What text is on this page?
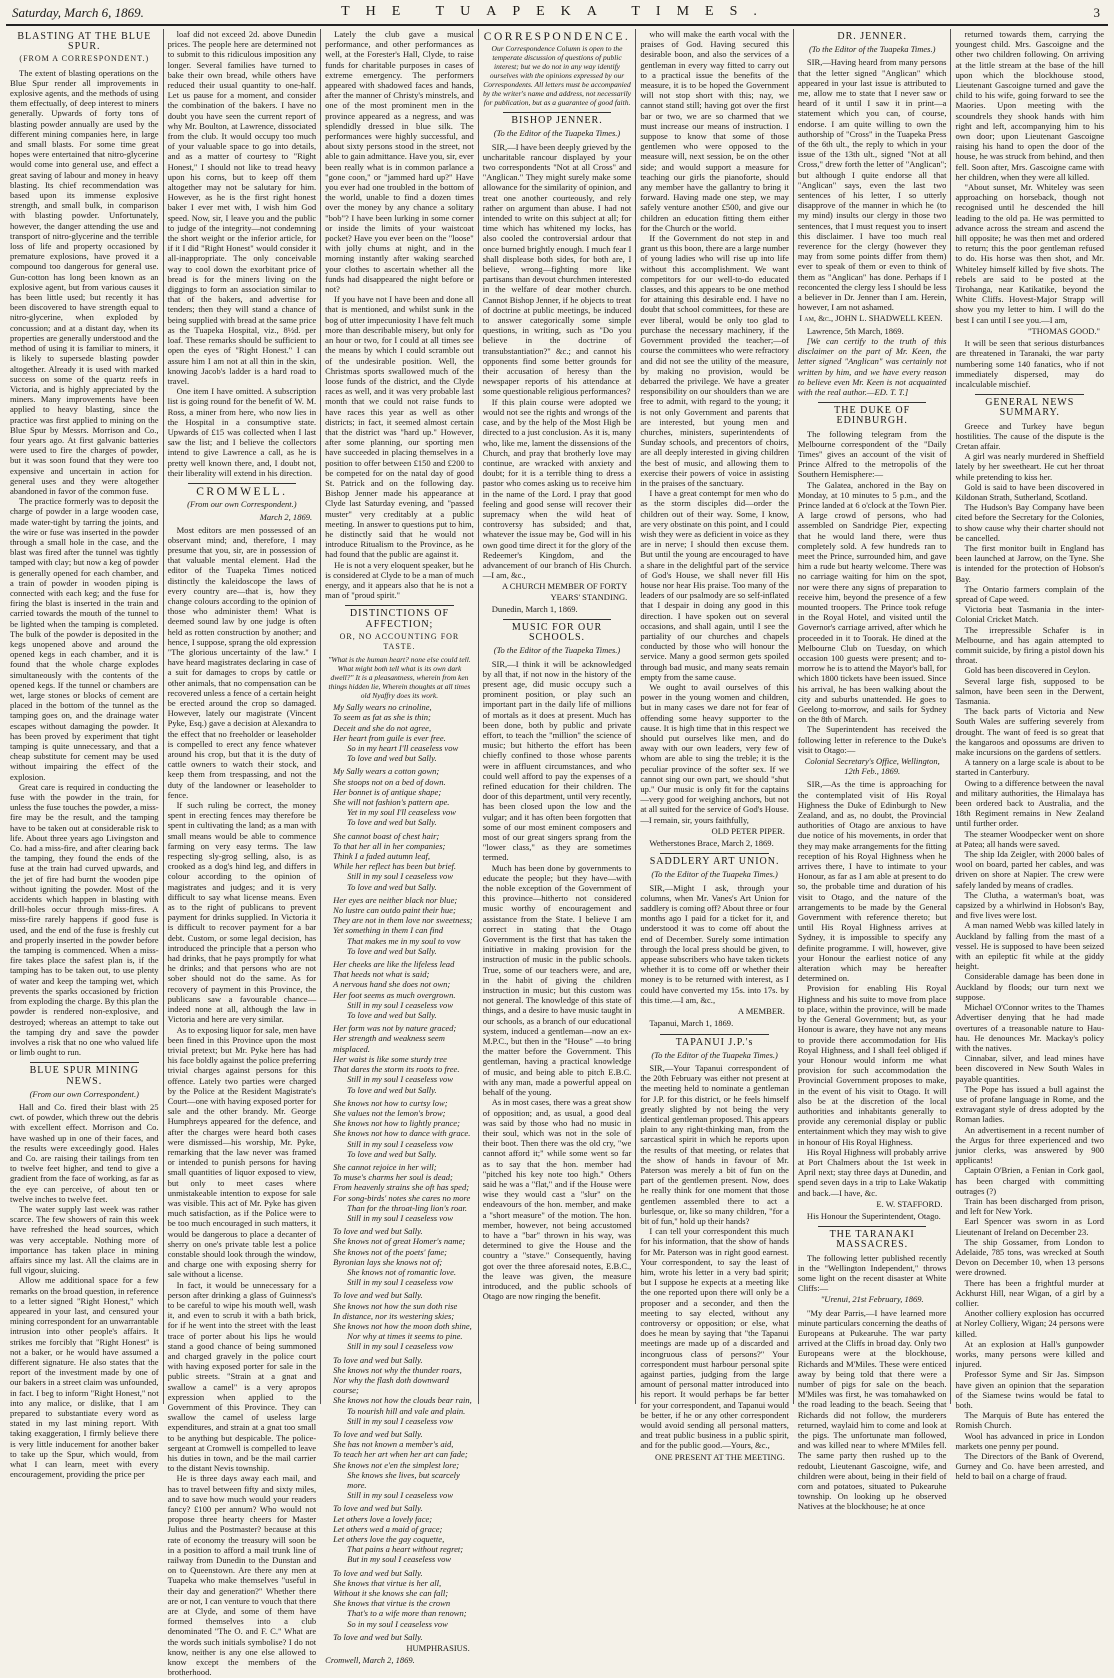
Saturday, March 6, 1869.	THE TUAPEKA TIMES.	3
BLASTING AT THE BLUE SPUR.
(FROM A CORRESPONDENT.)

The extent of blasting operations on the Blue Spur render all improvements in explosive agents, and the methods of using them effectually, of deep interest to miners generally. Upwards of forty tons of blasting powder annually are used by the different mining companies here, in large and small blasts. For some time great hopes were entertained that nitro-glycerine would come into general use, and effect a great saving of labour and money in heavy blasting. Its chief recommendation was based upon its immense explosive strength, and small bulk, in comparison with blasting powder. Unfortunately, however, the danger attending the use and transport of nitro-glycerine and the terrible loss of life and property occasioned by premature explosions, have proved it a compound too dangerous for general use. Gun-cotton has long been known as an explosive agent, but from various causes it has been little used; but recently it has been discovered to have strength equal to nitro-glycerine, when exploded by concussion; and at a distant day, when its properties are generally understood and the method of using it is familiar to miners, it is likely to supersede blasting powder altogether. Already it is used with marked success on some of the quartz reefs in Victoria, and is highly appreciated by the miners. Many improvements have been applied to heavy blasting, since the practice was first applied to mining on the Blue Spur by Messrs. Morrison and Co., four years ago. At first galvanic batteries were used to fire the charges of powder, but it was soon found that they were too expensive and uncertain in action for general uses and they were altogether abandoned in favor of the common fuse.

The practice formerly was to deposit the charge of powder in a large wooden case, made water-tight by tarring the joints, and the wire or fuse was inserted in the powder through a small hole in the case, and the blast was fired after the tunnel was tightly tamped with clay; but now a keg of powder is generally opened for each chamber, and a train of powder in wooden piping is connected with each keg; and the fuse for firing the blast is inserted in the train and carried towards the mouth of the tunnel to be lighted when the tamping is completed. The bulk of the powder is deposited in the kegs unopened above and around the opened kegs in each chamber, and it is found that the whole charge explodes simultaneously with the contents of the opened kegs. If the tunnel or chambers are wet, large stones or blocks of cement are placed in the bottom of the tunnel as the tamping goes on, and the drainage water escapes without damaging the powder. It has been proved by experiment that tight tamping is quite unnecessary, and that a cheap substitute for cement may be used without impairing the effect of the explosion.

Great care is required in conducting the fuse with the powder in the train, for unless the fuse touches the powder, a miss-fire may be the result, and the tamping have to be taken out at considerable risk to life. About three years ago Livingston and Co. had a miss-fire, and after clearing back the tamping, they found the ends of the fuse at the train had curved upwards, and the jet of fire had burnt the wooden pipe without igniting the powder. Most of the accidents which happen in blasting with drill-holes occur through miss-fires. A miss-fire rarely happens if good fuse is used, and the end of the fuse is freshly cut and properly inserted in the powder before the tamping is commenced. When a miss-fire takes place the safest plan is, if the tamping has to be taken out, to use plenty of water and keep the tamping wet, which prevents the sparks occasioned by friction from exploding the charge. By this plan the powder is rendered non-explosive, and destroyed; whereas an attempt to take out the tamping dry and save the powder involves a risk that no one who valued life or limb ought to run.

BLUE SPUR MINING NEWS.
(From our own Correspondent.)

Hall and Co. fired their blast with 25 cwt. of powder, which threw out the debris with excellent effect. Morrison and Co. have washed up in one of their faces, and the results were exceedingly good. Hales and Co. are raising their tailings from ten to twelve feet higher, and tend to give a gradient from the face of working, as far as the eye can perceive, of about ten or twelve inches to twelve feet.

The water supply last week was rather scarce. The few showers of rain this week have refreshed the head sources, which was very acceptable. Nothing more of importance has taken place in mining affairs since my last. All the claims are in full vigour, sluicing.

Allow me additional space for a few remarks on the broad question, in reference to a letter signed "Right Honest," which appeared in your last, and censured your mining correspondent for an unwarrantable intrusion into other people's affairs. It strikes me forcibly that "Right Honest" is not a baker, or he would have assumed a different signature. He also states that the report of the investment made by one of our bakers in a street claim was unfounded, in fact. I beg to inform "Right Honest," not into any malice, or dislike, that I am prepared to substantiate every word as stated in my last mining report. With taking exaggeration, I firmly believe there is very little inducement for another baker to take up the Spur, which would, from what I can learn, meet with every encouragement, providing the price per

loaf did not exceed 2d. above Dunedin prices. The people here are determined not to submit to this ridiculous imposition any longer. Several families have turned to bake their own bread, while others have reduced their usual quantity to one-half. Let us pause for a moment, and consider the combination of the bakers. I have no doubt you have seen the current report of why Mr. Boulton, at Lawrence, dissociated from the club. It would occupy too much of your valuable space to go into details, and as a matter of courtesy to "Right Honest," I should not like to tread heavy upon his corns, but to keep off them altogether may not be salutary for him. However, as he is the first right honest baker I ever met with, I wish him God speed. Now, sir, I leave you and the public to judge of the integrity—not condemning the short weight or the inferior article, for if it I did "Right Honest" would consider it all-inappropriate. The only conceivable way to cool down the exorbitant price of bread is for the miners living on the diggings to form an association similar to that of the bakers, and advertise for tenders; then they will stand a chance of being supplied with bread at the same price as the Tuapeka Hospital, viz., 8½d. per loaf. These remarks should be sufficient to open the eyes of "Right Honest." I can assure him I am not at all thin in the skin, knowing Jacob's ladder is a hard road to travel.

One item I have omitted. A subscription list is going round for the benefit of W. M. Ross, a miner from here, who now lies in the Hospital in a consumptive state. Upwards of £15 was collected when I last saw the list; and I believe the collectors intend to give Lawrence a call, as he is pretty well known there, and, I doubt not, their liberality will extend in his direction.

CROMWELL.
(From our own Correspondent.)
March 2, 1869.

Most editors are men possessed of an observant mind; and, therefore, I may presume that you, sir, are in possession of that valuable mental element. Had the editor of the Tuapeka Times noticed distinctly the kaleidoscope the laws of every country are—that is, how they change colours according to the opinion of those who administer them! What is deemed sound law by one judge is often held as rotten construction by another; and hence, I suppose, sprang the old expression "The glorious uncertainty of the law." I have heard magistrates declaring in case of a suit for damages to crops by cattle or other animals, that no compensation can be recovered unless a fence of a certain height be erected around the crop so damaged. However, lately our magistrate (Vincent Pyke, Esq.) gave a decision at Alexandra to the effect that no freeholder or leaseholder is compelled to erect any fence whatever around his crop, but that it is the duty of cattle owners to watch their stock, and keep them from trespassing, and not the duty of the landowner or leaseholder to fence.

If such ruling be correct, the money spent in erecting fences may therefore be spent in cultivating the land; as a man with small means would be able to commence farming on very easy terms. The law respecting sly-grog selling, also, is as crooked as a dog's hind leg, and differs in colour according to the opinion of magistrates and judges; and it is very difficult to say what license means. Even as to the right of publicans to prevent payment for drinks supplied. In Victoria it is difficult to recover payment for a bar debt. Custom, or some legal decision, has introduced the principle that a person who had drinks, that he pays promptly for what he drinks; and that persons who are not sober should not do the same. As for recovery of payment in this Province, the publicans saw a favourable chance—indeed none at all, although the law in Victoria and here are very similar.

As to exposing liquor for sale, men have been fined in this Province upon the most trivial pretext; but Mr. Pyke here has had his face boldly against the police preferring trivial charges against persons for this offence. Lately two parties were charged by the Police at the Resident Magistrate's Court—one with having exposed porter for sale and the other brandy. Mr. George Humphreys appeared for the defence, and after the charges were heard both cases were dismissed—his worship, Mr. Pyke, remarking that the law never was framed or intended to punish persons for having small quantities of liquor exposed to view, but only to meet cases where unmistakeable intention to expose for sale was visible. This act of Mr. Pyke has given much satisfaction, as if the Police were to be too much encouraged in such matters, it would be dangerous to place a decanter of sherry on one's private table lest a police constable should look through the window, and charge one with exposing sherry for sale without a license.

In fact, it would be unnecessary for a person after drinking a glass of Guinness's to be careful to wipe his mouth well, wash it, and even to scrub it with a bath brick, for if he went into the street with the least trace of porter about his lips he would stand a good chance of being summoned and charged gravely in the police court with having exposed porter for sale in the public streets. "Strain at a gnat and swallow a camel" is a very apropos expression when applied to the Government of this Province. They can swallow the camel of useless large expenditures, and strain at a gnat too small to be anything but despicable. The police-sergeant at Cromwell is compelled to leave his duties in town, and be the mail carrier to the distant Nevis township.

He is three days away each mail, and has to travel between fifty and sixty miles, and to save how much would your readers fancy? £100 per annum? Who would not propose three hearty cheers for Master Julius and the Postmaster? because at this rate of economy the treasury will soon be in a position to afford a mail trunk line of railway from Dunedin to the Dunstan and on to Queenstown. Are there any men at Tuapeka who make themselves "useful in their day and generation?" Whether there are or not, I can venture to vouch that there are at Clyde, and some of them have formed themselves into a club denominated "The O. and F. C." What are the words such initials symbolise? I do not know, neither is any one else allowed to know except the members of the brotherhood.

Lately the club gave a musical performance, and other performances as well, at the Forester's Hall, Clyde, to raise funds for charitable purposes in cases of extreme emergency. The performers appeared with shadowed faces and hands, after the manner of Christy's minstrels, and one of the most prominent men in the province appeared as a negress, and was splendidly dressed in blue silk. The performances were highly successful, and about sixty persons stood in the street, not able to gain admittance. Have you, sir, ever been really what is in common parlance a "gone coon," or "jammed hard up?" Have you ever had one troubled in the bottom of the world, unable to find a dozen times over the money by any chance a solitary "bob"? I have been lurking in some corner or inside the limits of your waistcoat pocket? Have you ever been on the "loose" with jolly chums at night, and in the morning instantly after waking searched your clothes to ascertain whether all the funds had disappeared the night before or not?

If you have not I have been and done all that is mentioned, and whilst sunk in the bog of utter impecuniosity I have felt much more than describable misery, but only for an hour or two, for I could at all times see the means by which I could scramble out of the undesirable position. Well, the Christmas sports swallowed much of the loose funds of the district, and the Clyde races as well, and it was very probable last month that we could not raise funds to have races this year as well as other districts; in fact, it seemed almost certain that the district was "hard up." However, after some planning, our sporting men have succeeded in placing themselves in a position to offer between £150 and £200 to be competed for on the natal day of good St. Patrick and on the following day. Bishop Jenner made his appearance at Clyde last Saturday evening, and "passed muster" very creditably at a public meeting. In answer to questions put to him, he distinctly said that he would not introduce Ritualism to the Province, as he had found that the public are against it.

He is not a very eloquent speaker, but he is considered at Clyde to be a man of much energy, and it appears also that he is not a man of "proud spirit."

DISTINCTIONS OF AFFECTION;
OR, NO ACCOUNTING FOR TASTE.
"What is the human heart? none else could tell. What might both tell what is its own dark dwell?" It is a pleasantness, wherein from ken things hidden lie, Wherein thoughts at all times old Nyaffry does its work.
My Sally wears no crinoline,
To seem as fat as she is thin;
Deceit and she do not agree,
Her heart from guile is ever free.
So in my heart I'll ceaseless vow
To love and wed but Sally.
My Sally wears a cotton gown;
She stoops not on a bed of down.
Her bonnet is of antique shape;
She will not fashion's pattern ape.
Yet in my soul I'll ceaseless vow
To love and wed but Sally.
She cannot boast of chest hair;
To that her all in her companies;
Think I a faded autumn leaf,
While her reflect has been but brief.
Still in my soul I ceaseless vow
To love and wed but Sally.
Her eyes are neither black nor blue;
No lustre can outdo paint their hue;
They are not in them love nor sweetness;
Yet something in them I can find
That makes me in my soul to vow
To love and wed but Sally.
Her cheeks are like the lifeless lead
That heeds not what is said;
A nervous hand she does not own;
Her foot seems as much overgrown.
Still in my soul I ceaseless vow
To love and wed but Sally.
Her form was not by nature graced;
Her strength and weakness seem misplaced.
Her waist is like some sturdy tree
That dares the storm its roots to free.
Still in my soul I ceaseless vow
To love and wed but Sally.
She knows not how to curtsy low;
She values not the lemon's brow;
She knows not how to lightly prance;
She knows not how to dance with grace.
Still in my soul I ceaseless vow
To love and wed but Sally.
She cannot rejoice in her will;
To muse's charms her soul is dead;
From heavenly strains she oft has sped;
For song-birds' notes she cares no more
Than for the throat-ling lion's roar.
Still in my soul I ceaseless vow
To love and wed but Sally.
She knows not of great Homer's name;
She knows not of the poets' fame;
Byronian lays she knows not of;
She knows not of romantic love.
Still in my soul I ceaseless vow
To love and wed but Sally.
She knows not how the sun doth rise
In distance, nor its westering skies;
She knows not how the moon doth shine,
Nor why at times it seems to pine.
Still in my soul I ceaseless vow
To love and wed but Sally.
She knows not why the thunder roars,
Nor why the flash doth downward course;
She knows not how the clouds bear rain,
To nourish hill and vale and plain.
Still in my soul I ceaseless vow
To love and wed but Sally.
She has not known a member's aid,
To teach her art when her art can fade;
She knows not e'en the simplest lore;
She knows she lives, but scarcely more.
Still in my soul I ceaseless vow
To love and wed but Sally.
Let others love a lovely face;
Let others wed a maid of grace;
Let others love the gay coquette,
That pains a heart without regret;
But in my soul I ceaseless vow
To love and wed but Sally.
She knows that virtue is her all,
Without it she knows she can fall;
She knows that virtue is the crown
That's to a wife more than renown;
So in my soul I ceaseless vow
To love and wed but Sally.
HUMPHRASIUS.
Cromwell, March 2, 1869.
CORRESPONDENCE.
Our Correspondence Column is open to the temperate discussion of questions of public interest; but we do not in any way identify ourselves with the opinions expressed by our Correspondents. All letters must be accompanied by the writer's name and address, not necessarily for publication, but as a guarantee of good faith.
BISHOP JENNER.
(To the Editor of the Tuapeka Times.)

SIR,—I have been deeply grieved by the uncharitable rancour displayed by your two correspondents "Not at all Cross" and "Anglican." They might surely make some allowance for the similarity of opinion, and treat one another courteously, and rely rather on argument than abuse. I had not intended to write on this subject at all; for time which has whitened my locks, has also cooled the controversial ardour that once burned brightly enough. I much fear I shall displease both sides, for both are, I believe, wrong—fighting more like partisans than devout churchmen interested in the welfare of dear mother church. Cannot Bishop Jenner, if he objects to treat of doctrine at public meetings, be induced to answer categorically some simple questions, in writing, such as "Do you believe in the doctrine of transubstantiation?" &c.; and cannot his opponents find some better grounds for their accusation of heresy than the newspaper reports of his attendance at some questionable religious performances?

If this plain course were adopted we would not see the rights and wrongs of the case, and by the help of the Most High be directed to a just conclusion. As it is, many who, like me, lament the dissensions of the Church, and pray that brotherly love may continue, are wracked with anxiety and doubt; for it is a terrible thing to dress a pastor who comes asking us to receive him in the name of the Lord. I pray that good feeling and good sense will recover their supremacy when the wild heat of controversy has subsided; and that, whatever the issue may be, God will in his own good time direct it for the glory of the Redeemer's Kingdom, and the advancement of our branch of His Church.—I am, &c.,

A CHURCH MEMBER OF FORTY YEARS' STANDING.

Dunedin, March 1, 1869.

MUSIC FOR OUR SCHOOLS.
(To the Editor of the Tuapeka Times.)

SIR,—I think it will be acknowledged by all that, if not now in the history of the present age, did music occupy such a prominent position, or play such an important part in the daily life of millions of mortals as it does at present. Much has been done, both by public and private effort, to teach the "million" the science of music; but hitherto the effort has been chiefly confined to those whose parents were in affluent circumstances, and who could well afford to pay the expenses of a refined education for their children. The door of this department, until very recently, has been closed upon the low and the vulgar; and it has often been forgotten that some of our most eminent composers and most of our great singers sprang from the "lower class," as they are sometimes termed.

Much has been done by governments to educate the people; but they have—with the noble exception of the Government of this province—hitherto not considered music worthy of encouragement and assistance from the State. I believe I am correct in stating that the Otago Government is the first that has taken the initiative in making provision for the instruction of music in the public schools. True, some of our teachers were, and are, in the habit of giving the children instruction in music; but this custom was not general. The knowledge of this state of things, and a desire to have music taught in our schools, as a branch of our educational system, induced a gentleman—now an ex-M.P.C., but then in the "House" —to bring the matter before the Government. This gentleman, having a practical knowledge of music, and being able to pitch E.B.C. with any man, made a powerful appeal on behalf of the young.

As in most cases, there was a great show of opposition; and, as usual, a good deal was said by those who had no music in their soul, which was not in the sole of their boot. Then there was the old cry, "we cannot afford it;" while some went so far as to say that the hon. member had "pitched his key note too high." Others said he was a "flat," and if the House were wise they would cast a "slur" on the endeavours of the hon. member, and make a "short measure" of the motion. The hon. member, however, not being accustomed to have a "bar" thrown in his way, was determined to give the House and the country a "stave." Consequently, having got over the three aforesaid notes, E.B.C., the leave was given, the measure introduced, and the public schools of Otago are now ringing the benefit.

who will make the earth vocal with the praises of God. Having secured this desirable boon, and also the services of a gentleman in every way fitted to carry out to a practical issue the benefits of the measure, it is to be hoped the Government will not stop short with this; nay, we cannot stand still; having got over the first bar or two, we are so charmed that we must increase our means of instruction. I suppose to know that some of those gentlemen who were opposed to the measure will, next session, be on the other side; and would support a measure for teaching our girls the pianoforte, should any member have the gallantry to bring it forward. Having made one step, we may safely venture another £500, and give our children an education fitting them either for the Church or the world.

If the Government do not step in and grant us this boon, there are a large number of young ladies who will rise up into life without this accomplishment. We want competitors for our well-to-do educated classes, and this appears to be one method for attaining this desirable end. I have no doubt that school committees, for these are ever liberal, would be only too glad to purchase the necessary machinery, if the Government provided the teacher;—of course the committees who were refractory and did not see the utility of the measure, by making no provision, would be debarred the privilege. We have a greater responsibility on our shoulders than we are free to admit, with regard to the young; it is not only Government and parents that are interested, but young men and churches, ministers, superintendents of Sunday schools, and precentors of choirs, are all deeply interested in giving children the best of music, and allowing them to exercise their powers of voice in assisting in the praises of the sanctuary.

I have a great contempt for men who do as the storm disciples did—order the children out of their way. Some, I know, are very obstinate on this point, and I could wish they were as deficient in voice as they are in nerve; I should then excuse them. But until the young are encouraged to have a share in the delightful part of the service of God's House, we shall never fill His house nor hear His praise. Too many of the leaders of our psalmody are so self-inflated that I despair in doing any good in this direction. I have spoken out on several occasions, and shall again, until I see the partiality of our churches and chapels conducted by those who will honour the service. Many a good sermon gets spoiled through bad music, and many seats remain empty from the same cause.

We ought to avail ourselves of this power in the young women and children, but in many cases we dare not for fear of offending some heavy supporter to the cause. It is high time that in this respect we should put ourselves like men, and do away with our own leaders, very few of whom are able to sing the treble; it is the peculiar province of the softer sex. If we cannot sing our own part, we should "shut up." Our music is only fit for the captains—very good for weighing anchors, but not at all suited for the service of God's House.—I remain, sir, yours faithfully,

OLD PETER PIPER.

Wetherstones Brace, March 2, 1869.

SADDLERY ART UNION.
(To the Editor of the Tuapeka Times.)

SIR,—Might I ask, through your columns, when Mr. Vanes's Art Union for saddlery is coming off? About three or four months ago I paid for a ticket for it, and understood it was to come off about the end of December. Surely some intimation through the local press should be given, to appease subscribers who have taken tickets whether it is to come off or whether their money is to be returned with interest, as I could have converted my 15s. into 17s. by this time.—I am, &c.,

A MEMBER.

Tapanui, March 1, 1869.

TAPANUI J.P.'s
(To the Editor of the Tuapeka Times.)

SIR,—Your Tapanui correspondent of the 20th February was either not present at the meeting held to nominate a gentleman for J.P. for this district, or he feels himself greatly slighted by not being the very identical gentleman proposed. This appears plain to any right-thinking man, from the sarcastical spirit in which he reports upon the results of that meeting, or relates that the show of hands in favour of Mr. Paterson was merely a bit of fun on the part of the gentlemen present. Now, does he really think for one moment that those gentlemen assembled there to act a burlesque, or, like so many children, "for a bit of fun," hold up their hands?

I can tell your correspondent this much for his information, that the show of hands for Mr. Paterson was in right good earnest. Your correspondent, to say the least of him, wrote his letter in a very bad spirit; but I suppose he expects at a meeting like the one reported upon there will only be a proposer and a seconder, and then the meeting to say elected, without any controversy or opposition; or else, what does he mean by saying that "the Tapanui meetings are made up of a discarded and incongruous class of persons?" Your correspondent must harbour personal spite against parties, judging from the large amount of personal matter introduced into his report. It would perhaps be far better for your correspondent, and Tapanui would be better, if he or any other correspondent would avoid sending all personal matters, and treat public business in a public spirit, and for the public good.—Yours, &c.,

ONE PRESENT AT THE MEETING.
DR. JENNER.
(To the Editor of the Tuapeka Times.)

SIR,—Having heard from many persons that the letter signed "Anglican" which appeared in your last issue is attributed to me, allow me to state that I never saw or heard of it until I saw it in print—a statement which you can, of course, endorse. I am quite willing to own the authorship of "Cross" in the Tuapeka Press of the 6th ult., the reply to which in your issue of the 13th ult., signed "Not at all Cross," drew forth the letter of "Anglican"; but although I quite endorse all that "Anglican" says, even the last two sentences of his letter, I so utterly disapprove of the manner in which he (to my mind) insults our clergy in those two sentences, that I must request you to insert this disclaimer. I have too much real reverence for the clergy (however they may from some points differ from them) ever to speak of them or even to think of them as "Anglican" has done. Perhaps if I reconcented the clergy less I should be less a believer in Dr. Jenner than I am. Herein, however, I am not ashamed.

I am, &c., JOHN L. SHADWELL KEEN.

Lawrence, 5th March, 1869.

[We can certify to the truth of this disclaimer on the part of Mr. Keen, the letter signed "Anglican" was certainly not written by him, and we have every reason to believe even Mr. Keen is not acquainted with the real author.—ED. T. T.]

THE DUKE OF EDINBURGH.

The following telegram from the Melbourne correspondent of the "Daily Times" gives an account of the visit of Prince Alfred to the metropolis of the Southern Hemisphere:—

The Galatea, anchored in the Bay on Monday, at 10 minutes to 5 p.m., and the Prince landed at 6 o'clock at the Town Pier. A large crowd of persons, who had assembled on Sandridge Pier, expecting that he would land there, were thus completely sold. A few hundreds ran to meet the Prince, surrounded him, and gave him a rude but hearty welcome. There was no carriage waiting for him on the spot, nor were there any signs of preparation to receive him, beyond the presence of a few mounted troopers. The Prince took refuge in the Royal Hotel, and visited until the Governor's carriage arrived, after which he proceeded in it to Toorak. He dined at the Melbourne Club on Tuesday, on which occasion 100 guests were present; and to-morrow he is to attend the Mayor's ball, for which 1800 tickets have been issued. Since his arrival, he has been walking about the city and suburbs unattended. He goes to Geelong to-morrow, and sails for Sydney on the 8th of March.

The Superintendent has received the following letter in reference to the Duke's visit to Otago:—

Colonial Secretary's Office, Wellington, 12th Feb., 1869.

SIR,—As the time is approaching for the contemplated visit of His Royal Highness the Duke of Edinburgh to New Zealand, and as, no doubt, the Provincial authorities of Otago are anxious to have due notice of his movements, in order that they may make arrangements for the fitting reception of his Royal Highness when he arrives there, I have to intimate to your Honour, as far as I am able at present to do so, the probable time and duration of his visit to Otago, and the nature of the arrangements to be made by the General Government with reference thereto; but until His Royal Highness arrives at Sydney, it is impossible to specify any definite programme. I will, however, give your Honour the earliest notice of any alteration which may be hereafter determined on.

Provision for enabling His Royal Highness and his suite to move from place to place, within the province, will be made by the General Government; but, as your Honour is aware, they have not any means to provide there accommodation for His Royal Highness, and I shall feel obliged if your Honour would inform me what provision for such accommodation the Provincial Government proposes to make, in the event of his visit to Otago. It will also be at the discretion of the local authorities and inhabitants generally to provide any ceremonial display or public entertainment which they may wish to give in honour of His Royal Highness.

His Royal Highness will probably arrive at Port Chalmers about the 1st week in April next; stay three days at Dunedin, and spend seven days in a trip to Lake Wakatip and back.—I have, &c.

E. W. STAFFORD.

His Honour the Superintendent, Otago.

THE TARANAKI MASSACRES.

The following letter published recently in the "Wellington Independent," throws some light on the recent disaster at White Cliffs:—

"Urenui, 21st February, 1869.

"My dear Parris,—I have learned more minute particulars concerning the deaths of Europeans at Pukearuhe. The war party arrived at the Cliffs in broad day. Only two Europeans were at the blockhouse, Richards and M'Miles. These were enticed away by being told that there were a number of pigs for sale on the beach. M'Miles was first, he was tomahawked on the road leading to the beach. Seeing that Richards did not follow, the murderers returned, waylaid him to come and look at the pigs. The unfortunate man followed, and was killed near to where M'Miles fell. The same party then rushed up to the redoubt, Lieutenant Gascoigne, wife, and children were about, being in their field of corn and potatoes, situated to Pukearuhe township. On looking up he observed Natives at the blockhouse; he at once

returned towards them, carrying the youngest child. Mrs. Gascoigne and the other two children following. On arriving at the little stream at the base of the hill upon which the blockhouse stood, Lieutenant Gascoigne turned and gave the child to his wife, going forward to see the Maories. Upon meeting with the scoundrels they shook hands with him right and left, accompanying him to his own door; upon Lieutenant Gascoigne raising his hand to open the door of the house, he was struck from behind, and then fell. Soon after, Mrs. Gascoigne came with her children, when they were all killed.

"About sunset, Mr. Whiteley was seen approaching on horseback, though not recognised until he descended the hill leading to the old pa. He was permitted to advance across the stream and ascend the hill opposite; he was then met and ordered to return; this the poor gentleman refused to do. His horse was then shot, and Mr. Whiteley himself killed by five shots. The rebels are said to be posted at the Tirohanga, near Katikatike, beyond the White Cliffs. Hovest-Major Strapp will show you my letter to him. I will do the best I can until I see you.—I am,

"THOMAS GOOD."

It will be seen that serious disturbances are threatened in Taranaki, the war party numbering some 140 fanatics, who if not immediately dispersed, may do incalculable mischief.

GENERAL NEWS SUMMARY.

Greece and Turkey have begun hostilities. The cause of the dispute is the Cretan affair.

A girl was nearly murdered in Sheffield lately by her sweetheart. He cut her throat while pretending to kiss her.

Gold is said to have been discovered in Kildonan Strath, Sutherland, Scotland.

The Hudson's Bay Company have been cited before the Secretary for the Colonies, to show cause why their charter should not be cancelled.

The first monitor built in England has been launched at Jarrow, on the Tyne. She is intended for the protection of Hobson's Bay.

The Ontario farmers complain of the spread of Cape weed.

Victoria beat Tasmania in the inter-Colonial Cricket Match.

The irrepressible Schafer is in Melbourne, and has again attempted to commit suicide, by firing a pistol down his throat.

Gold has been discovered in Ceylon.

Several large fish, supposed to be salmon, have been seen in the Derwent, Tasmania.

The back parts of Victoria and New South Wales are suffering severely from drought. The want of feed is so great that the kangaroos and opossums are driven to make incursions on the gardens of settlers.

A tannery on a large scale is about to be started in Canterbury.

Owing to a difference between the naval and military authorities, the Himalaya has been ordered back to Australia, and the 18th Regiment remains in New Zealand until further order.

The steamer Woodpecker went on shore at Patea; all hands were saved.

The ship Ida Zeigler, with 2000 bales of wool on board, parted her cables, and was driven on shore at Napier. The crew were safely landed by means of cradles.

The Clutha, a waterman's boat, was capsized by a whirlwind in Hobson's Bay, and five lives were lost.

A man named Webb was killed lately in Auckland by falling from the mast of a vessel. He is supposed to have been seized with an epileptic fit while at the giddy height.

Considerable damage has been done in Auckland by floods; our turn next we suppose.

Michael O'Connor writes to the Thames Advertiser denying that he had made overtures of a treasonable nature to Hau-hau. He denounces Mr. Mackay's policy with the natives.

Cinnabar, silver, and lead mines have been discovered in New South Wales in payable quantities.

The Pope has issued a bull against the use of profane language in Rome, and the extravagant style of dress adopted by the Roman ladies.

An advertisement in a recent number of the Argus for three experienced and two junior clerks, was answered by 900 applicants!

Captain O'Brien, a Fenian in Cork gaol, has been charged with committing outrages (?)

Train has been discharged from prison, and left for New York.

Earl Spencer was sworn in as Lord Lieutenant of Ireland on December 23.

The ship Gossamer, from London to Adelaide, 785 tons, was wrecked at South Devon on December 10, when 13 persons were drowned.

There has been a frightful murder at Ackhurst Hill, near Wigan, of a girl by a collier.

Another colliery explosion has occurred at Norley Colliery, Wigan; 24 persons were killed.

At an explosion at Hall's gunpowder works, many persons were killed and injured.

Professor Syme and Sir Jas. Simpson have given an opinion that the separation of the Siamese twins would be fatal to both.

The Marquis of Bute has entered the Romish Church.

Wool has advanced in price in London markets one penny per pound.

The Directors of the Bank of Overend, Gurney and Co. have been arrested, and held to bail on a charge of fraud.
